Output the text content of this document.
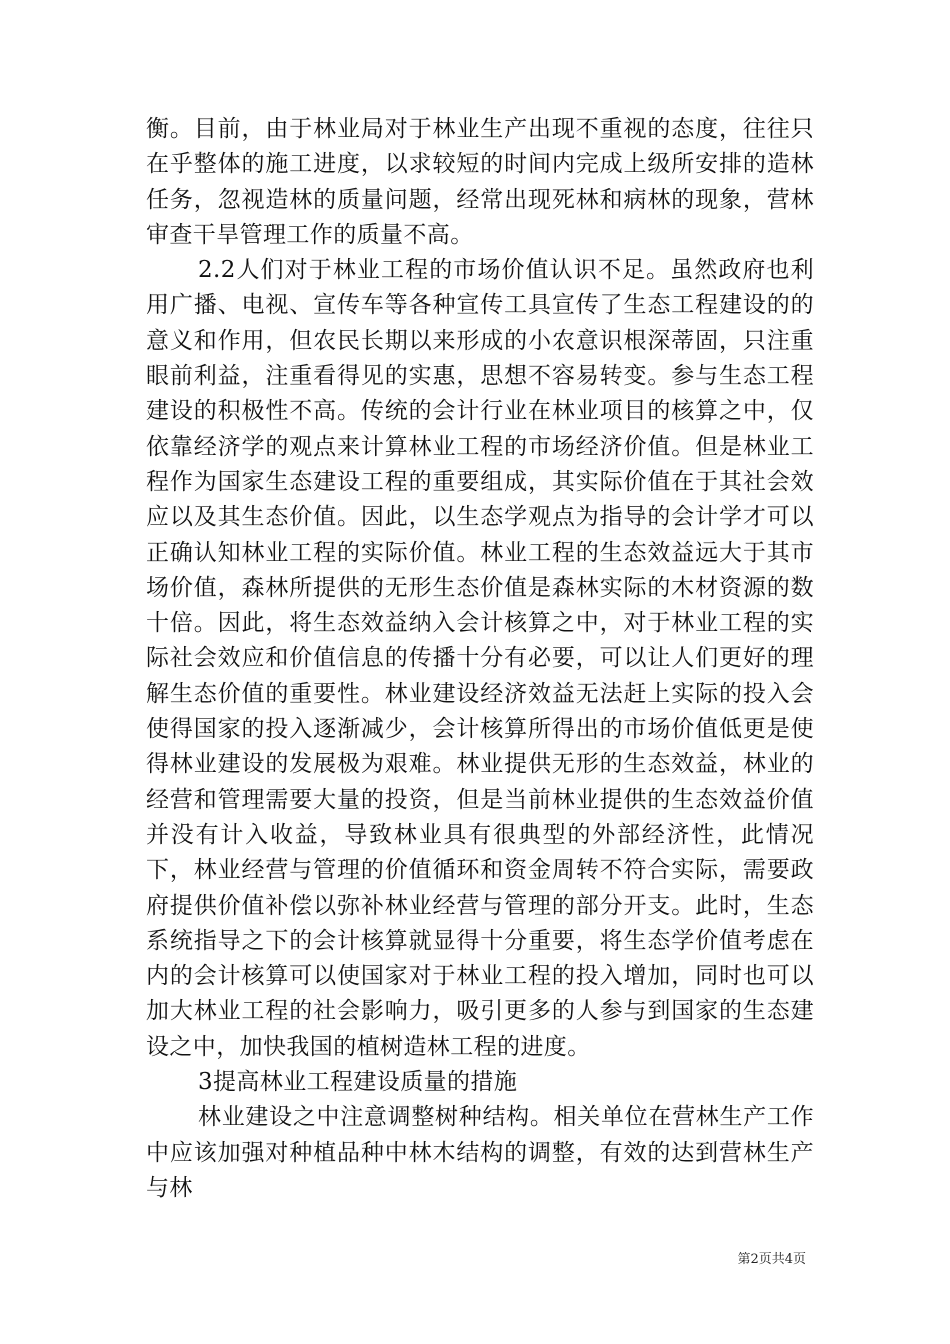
衡。目前，由于林业局对于林业生产出现不重视的态度，往往只在乎整体的施工进度，以求较短的时间内完成上级所安排的造林任务，忽视造林的质量问题，经常出现死林和病林的现象，营林审查干旱管理工作的质量不高。

2.2人们对于林业工程的市场价值认识不足。虽然政府也利用广播、电视、宣传车等各种宣传工具宣传了生态工程建设的的意义和作用，但农民长期以来形成的小农意识根深蒂固，只注重眼前利益，注重看得见的实惠，思想不容易转变。参与生态工程建设的积极性不高。传统的会计行业在林业项目的核算之中，仅依靠经济学的观点来计算林业工程的市场经济价值。但是林业工程作为国家生态建设工程的重要组成，其实际价值在于其社会效应以及其生态价值。因此，以生态学观点为指导的会计学才可以正确认知林业工程的实际价值。林业工程的生态效益远大于其市场价值，森林所提供的无形生态价值是森林实际的木材资源的数十倍。因此，将生态效益纳入会计核算之中，对于林业工程的实际社会效应和价值信息的传播十分有必要，可以让人们更好的理解生态价值的重要性。林业建设经济效益无法赶上实际的投入会使得国家的投入逐渐减少，会计核算所得出的市场价值低更是使得林业建设的发展极为艰难。林业提供无形的生态效益，林业的经营和管理需要大量的投资，但是当前林业提供的生态效益价值并没有计入收益，导致林业具有很典型的外部经济性，此情况下，林业经营与管理的价值循环和资金周转不符合实际，需要政府提供价值补偿以弥补林业经营与管理的部分开支。此时，生态系统指导之下的会计核算就显得十分重要，将生态学价值考虑在内的会计核算可以使国家对于林业工程的投入增加，同时也可以加大林业工程的社会影响力，吸引更多的人参与到国家的生态建设之中，加快我国的植树造林工程的进度。

3提高林业工程建设质量的措施

林业建设之中注意调整树种结构。相关单位在营林生产工作中应该加强对种植品种中林木结构的调整，有效的达到营林生产与林

第2页共4页
